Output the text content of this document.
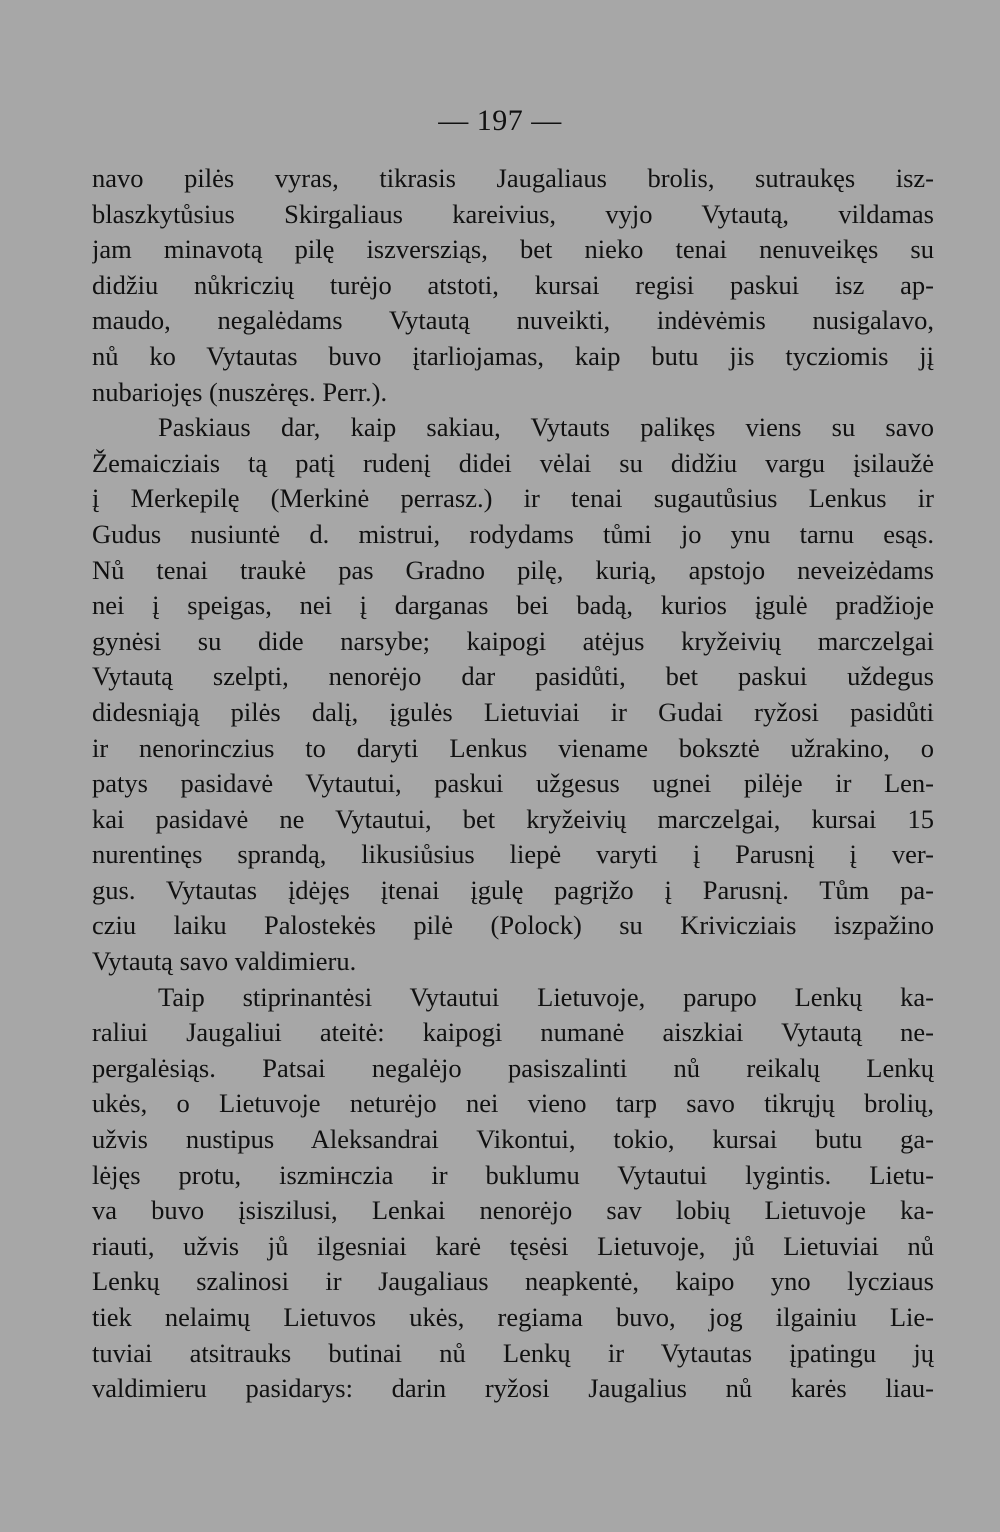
— 197 —
navo pilės vyras, tikrasis Jaugaliaus brolis, sutraukęs isz-
blaszkytůsius Skirgaliaus kareivius, vyjo Vytautą, vildamas
jam minavotą pilę iszversziąs, bet nieko tenai nenuveikęs su
didžiu nůkriczių turėjo atstoti, kursai regisi paskui isz ap-
maudo, negalėdams Vytautą nuveikti, indėvėmis nusigalavo,
nů ko Vytautas buvo įtarliojamas, kaip butu jis tycziomis jį
nubariojęs (nuszėręs. Perr.).
Paskiaus dar, kaip sakiau, Vytauts palikęs viens su savo
Žemaicziais tą patį rudenį didei vėlai su didžiu vargu įsilaužė
į Merkepilę (Merkinė perrasz.) ir tenai sugautůsius Lenkus ir
Gudus nusiuntė d. mistrui, rodydams tůmi jo ynu tarnu esąs.
Nů tenai traukė pas Gradno pilę, kurią, apstojo neveizėdams
nei į speigas, nei į darganas bei badą, kurios įgulė pradžioje
gynėsi su dide narsybe; kaipogi atėjus kryžeivių marczelgai
Vytautą szelpti, nenorėjo dar pasidůti, bet paskui uždegus
didesniąją pilės dalį, įgulės Lietuviai ir Gudai ryžosi pasidůti
ir nenorinczius to daryti Lenkus viename boksztė užrakino, o
patys pasidavė Vytautui, paskui užgesus ugnei pilėje ir Len-
kai pasidavė ne Vytautui, bet kryžeivių marczelgai, kursai 15
nurentinęs sprandą, likusiůsius liepė varyti į Parusnį į ver-
gus. Vytautas įdėjęs įtenai įgulę pagrįžo į Parusnį. Tům pa-
cziu laiku Palostekės pilė (Polock) su Krivicziais iszpažino
Vytautą savo valdimieru.
Taip stiprinantėsi Vytautui Lietuvoje, parupo Lenkų ka-
raliui Jaugaliui ateitė: kaipogi numanė aiszkiai Vytautą ne-
pergalėsiąs. Patsai negalėjo pasiszalinti nů reikalų Lenkų
ukės, o Lietuvoje neturėjo nei vieno tarp savo tikrųjų brolių,
užvis nustipus Aleksandrai Vikontui, tokio, kursai butu ga-
lėjęs protu, iszmінczia ir buklumu Vytautui lygintis. Lietu-
va buvo įsiszilusi, Lenkai nenorėjo sav lobių Lietuvoje ka-
riauti, užvis jů ilgesniai karė tęsėsi Lietuvoje, jů Lietuviai nů
Lenkų szalinosi ir Jaugaliaus neapkentė, kaipo yno lycziaus
tiek nelaimų Lietuvos ukės, regiama buvo, jog ilgainiu Lie-
tuviai atsitrauks butinai nů Lenkų ir Vytautas įpatingu jų
valdimieru pasidarys: darin ryžosi Jaugalius nů karės liau-
